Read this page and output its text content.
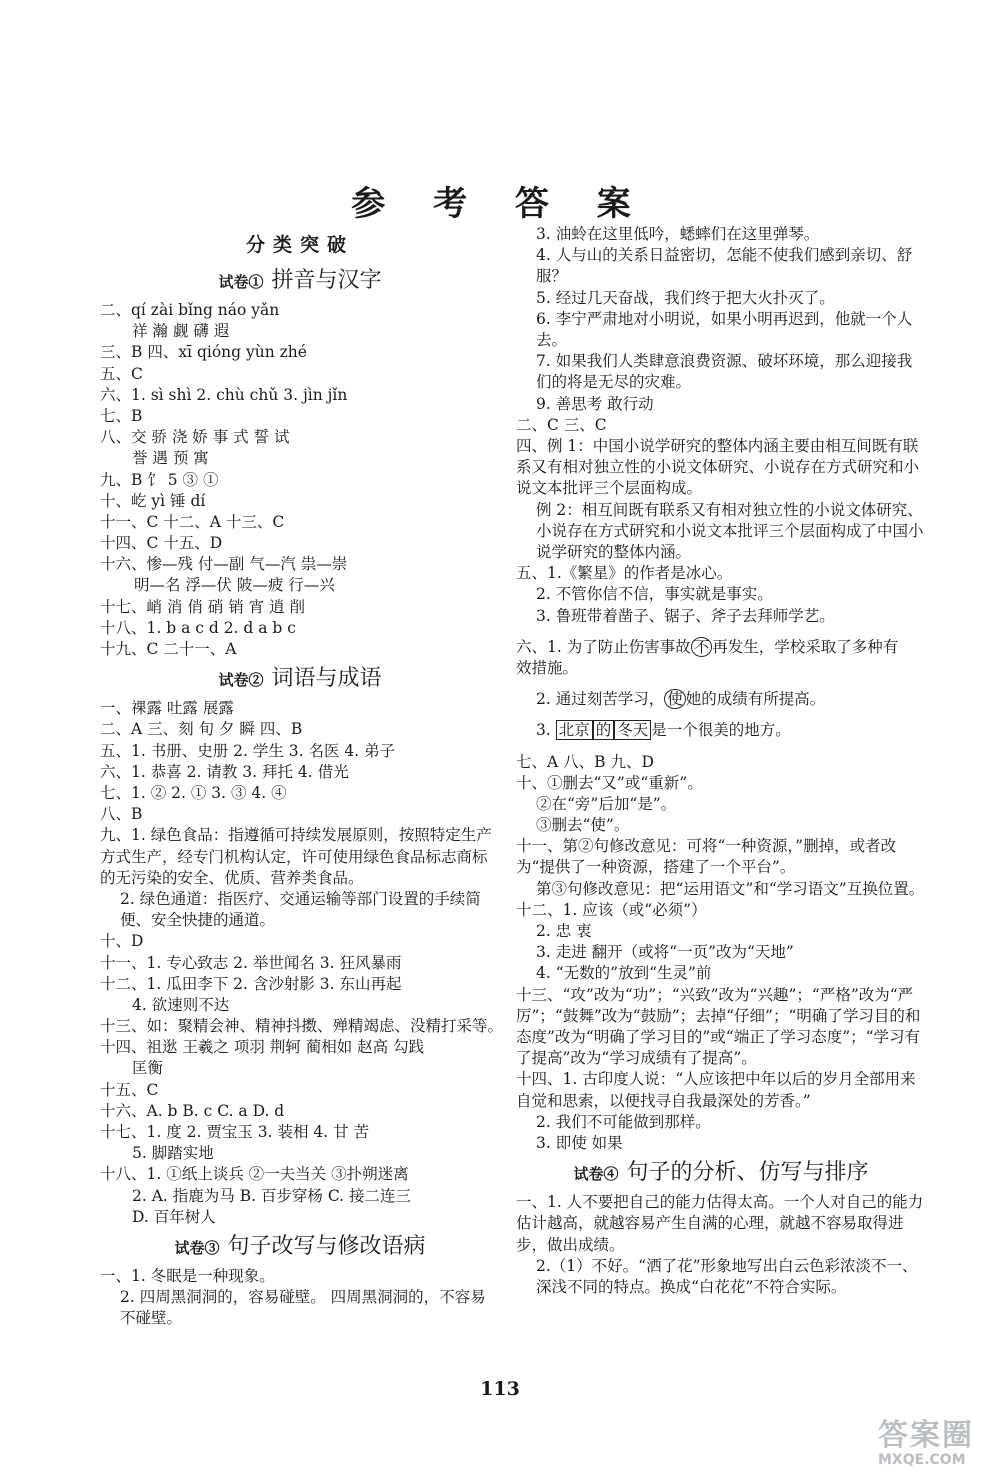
参 考 答 案
分类突破
试卷① 拼音与汉字
二、qí zài bǐng náo yǎn
祥 瀚 觑 礴 遐
三、B 四、xī qióng yùn zhé
五、C
六、1. sì shì 2. chù chǔ 3. jìn jǐn
七、B
八、交 骄 浇 娇 事 式 誓 试
誉 遇 预 寓
九、B 饣 5 ③ ①
十、屹 yì 锤 dí
十一、C 十二、A 十三、C
十四、C 十五、D
十六、惨—残 付—副 气—汽 祟—崇
明—名 浮—伏 陂—疲 行—兴
十七、峭 消 俏 硝 销 宵 逍 削
十八、1. b a c d 2. d a b c
十九、C 二十一、A
试卷② 词语与成语
一、祼露 吐露 展露
二、A 三、刻 旬 夕 瞬 四、B
五、1. 书册、史册 2. 学生 3. 名医 4. 弟子
六、1. 恭喜 2. 请教 3. 拜托 4. 借光
七、1. ② 2. ① 3. ③ 4. ④
八、B
九、1. 绿色食品：指遵循可持续发展原则，按照特定生产方式生产，经专门机构认定，许可使用绿色食品标志商标的无污染的安全、优质、营养类食品。
2. 绿色通道：指医疗、交通运输等部门设置的手续简便、安全快捷的通道。
十、D
十一、1. 专心致志 2. 举世闻名 3. 狂风暴雨
十二、1. 瓜田李下 2. 含沙射影 3. 东山再起
4. 欲速则不达
十三、如：聚精会神、精神抖擞、殚精竭虑、没精打采等。
十四、祖逖 王羲之 项羽 荆轲 蔺相如 赵高 勾践
匡衡
十五、C
十六、A. b B. c C. a D. d
十七、1. 度 2. 贾宝玉 3. 装相 4. 甘 苦
5. 脚踏实地
十八、1. ①纸上谈兵 ②一夫当关 ③扑朔迷离
2. A. 指鹿为马 B. 百步穿杨 C. 接二连三
D. 百年树人
试卷③ 句子改写与修改语病
一、1. 冬眠是一种现象。
2. 四周黑洞洞的，容易碰壁。 四周黑洞洞的，不容易不碰壁。
3. 油蛉在这里低吟，蟋蟀们在这里弹琴。
4. 人与山的关系日益密切，怎能不使我们感到亲切、舒服？
5. 经过几天奋战，我们终于把大火扑灭了。
6. 李宁严肃地对小明说，如果小明再迟到，他就一个人去。
7. 如果我们人类肆意浪费资源、破坏环境，那么迎接我们的将是无尽的灾难。
9. 善思考 敢行动
二、C 三、C
四、例 1：中国小说学研究的整体内涵主要由相互间既有联系又有相对独立性的小说文体研究、小说存在方式研究和小说文本批评三个层面构成。
例 2：相互间既有联系又有相对独立性的小说文体研究、小说存在方式研究和小说文本批评三个层面构成了中国小说学研究的整体内涵。
五、1.《繁星》的作者是冰心。
2. 不管你信不信，事实就是事实。
3. 鲁班带着凿子、锯子、斧子去拜师学艺。
六、1. 为了防止伤害事故 不 再发生，学校采取了多种有
效措施。
2. 通过刻苦学习， 使 她的成绩有所提高。
3. 北京 的 冬天 是一个很美的地方。
七、A 八、B 九、D
十、①删去“又”或“重新”。
②在“旁”后加“是”。
③删去“使”。
十一、第②句修改意见：可将“一种资源，”删掉，或者改为“提供了一种资源，搭建了一个平台”。
第③句修改意见：把“运用语文”和“学习语文”互换位置。
十二、1. 应该（或“必须”）
2. 忠 衷
3. 走进 翻开（或将“一页”改为“天地”
4. “无数的”放到“生灵”前
十三、“攻”改为“功”；“兴致”改为“兴趣”；“严格”改为“严厉”；“鼓舞”改为“鼓励”；去掉“仔细”；“明确了学习目的和态度”改为“明确了学习目的”或“端正了学习态度”；“学习有了提高”改为“学习成绩有了提高”。
十四、1. 古印度人说：“人应该把中年以后的岁月全部用来自觉和思索，以便找寻自我最深处的芳香。”
2. 我们不可能做到那样。
3. 即使 如果
试卷④ 句子的分析、仿写与排序
一、1. 人不要把自己的能力估得太高。一个人对自己的能力估计越高，就越容易产生自满的心理，就越不容易取得进步，做出成绩。
2.（1）不好。“洒了花”形象地写出白云色彩浓淡不一、深浅不同的特点。换成“白花花”不符合实际。
113
答案圈
MXQE.COM
